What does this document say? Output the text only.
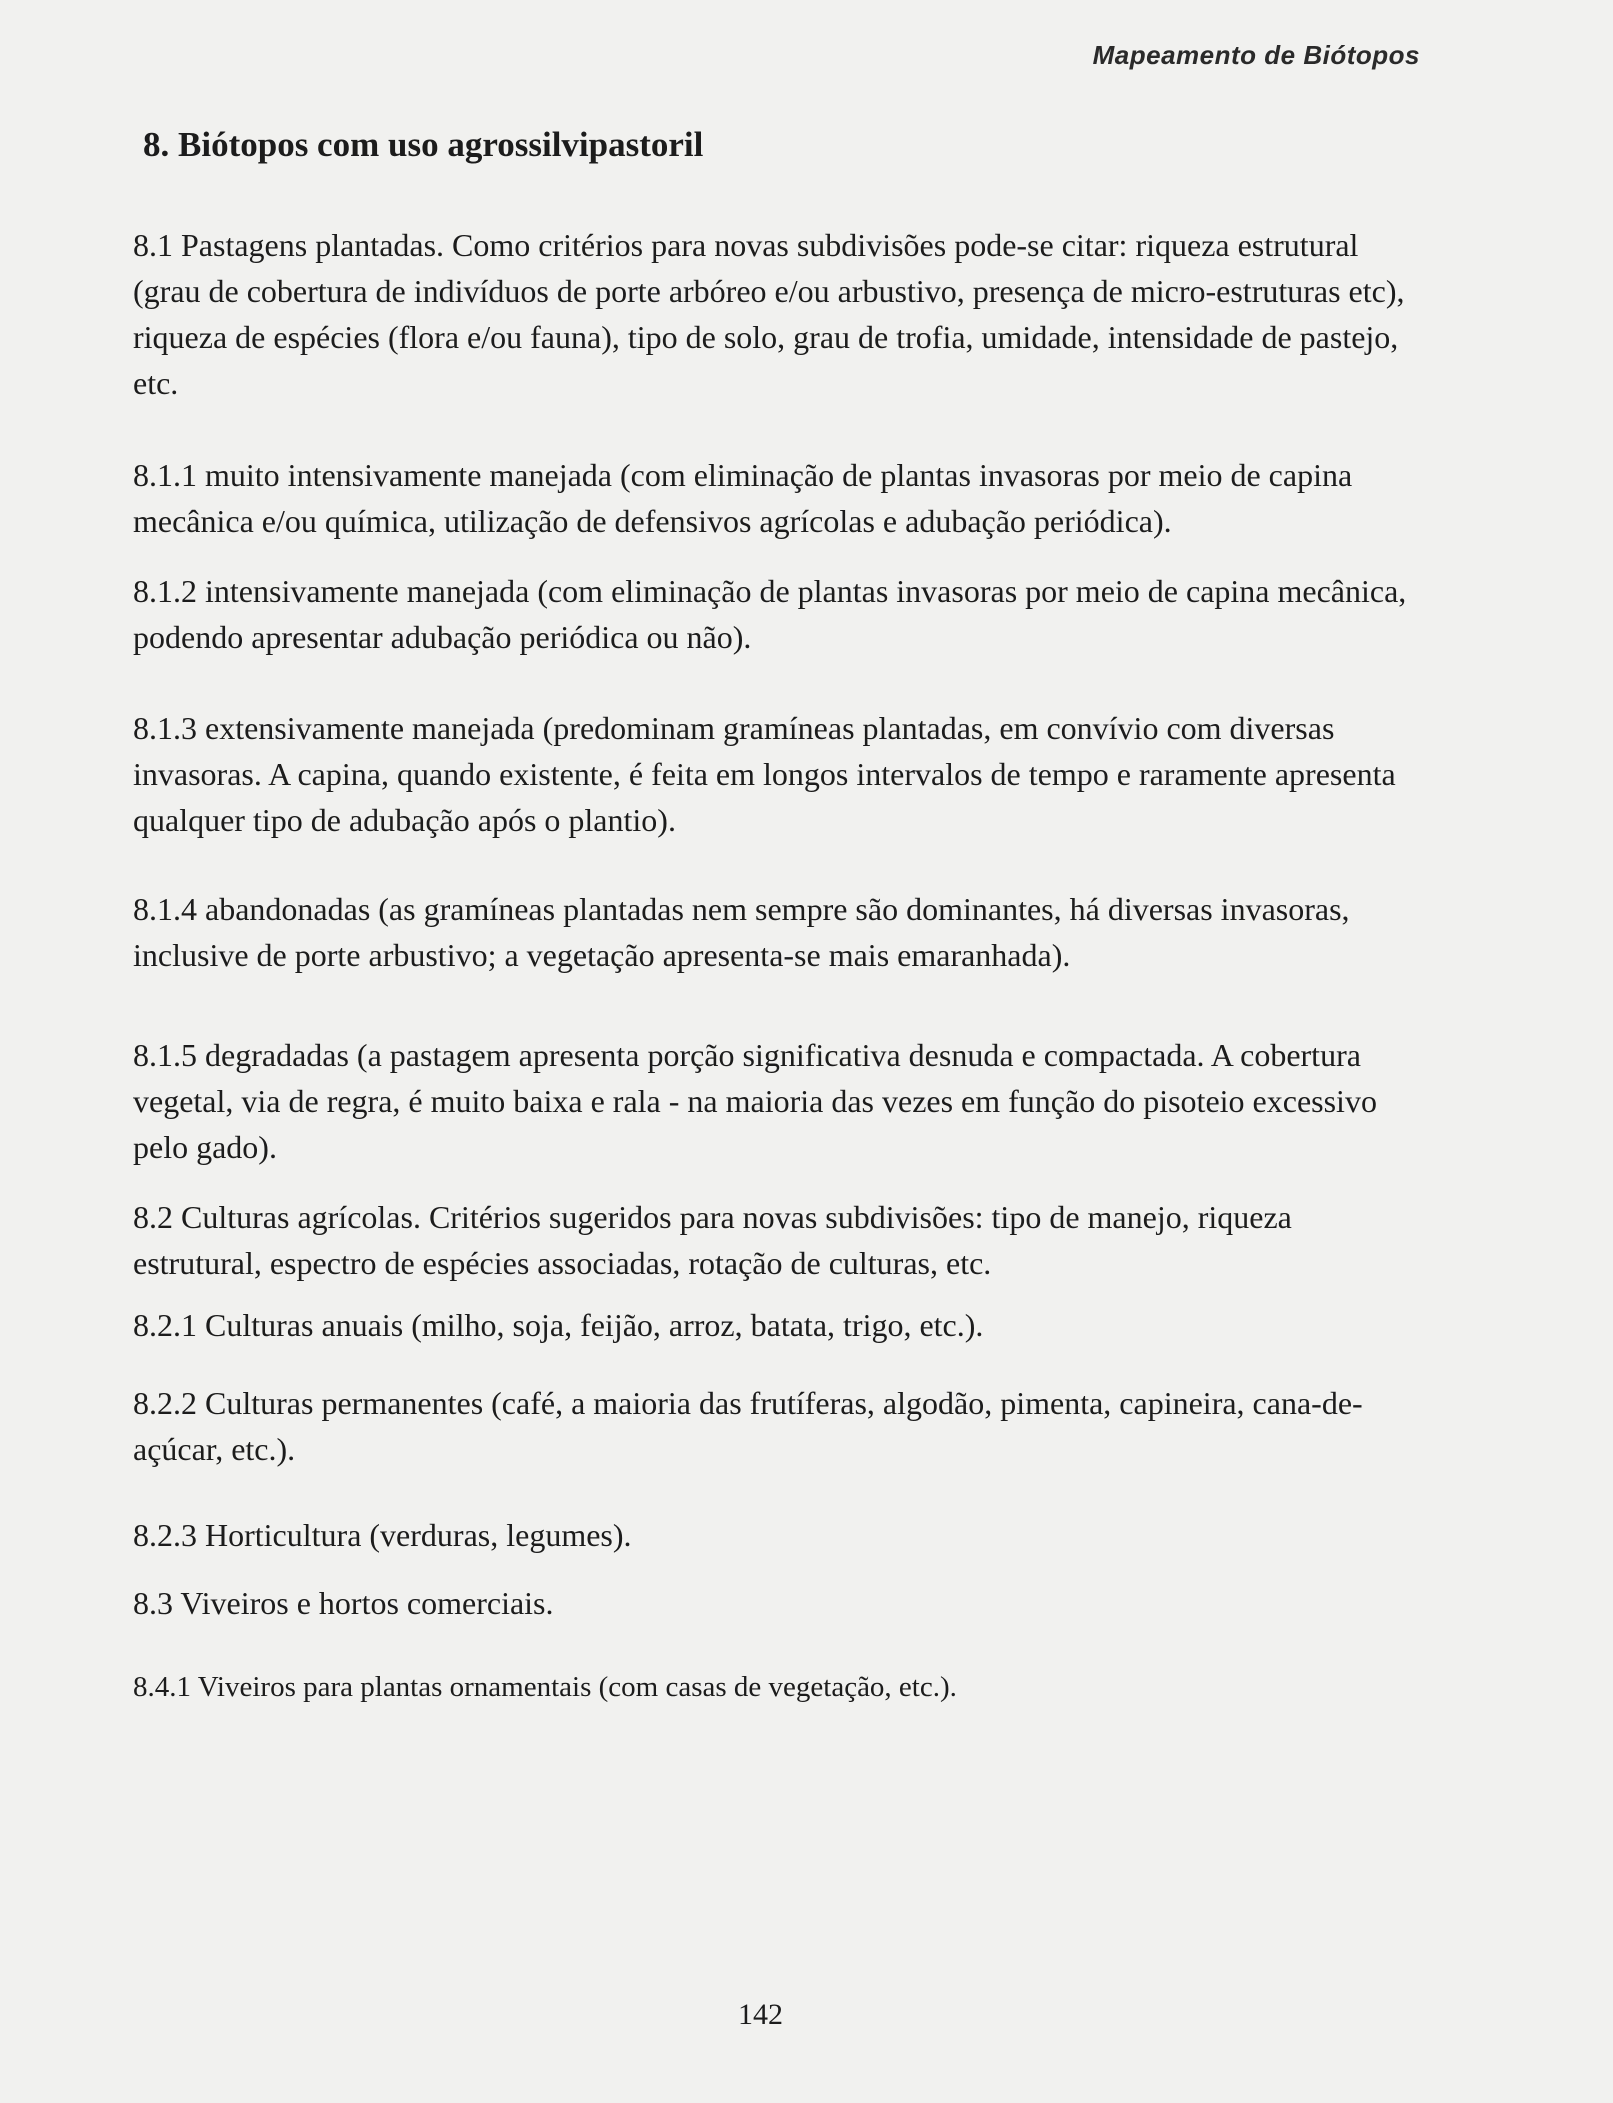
Mapeamento de Biótopos
8. Biótopos com uso agrossilvipastoril

8.1 Pastagens plantadas. Como critérios para novas subdivisões pode-se citar: riqueza estrutural (grau de cobertura de indivíduos de porte arbóreo e/ou arbustivo, presença de micro-estruturas etc), riqueza de espécies (flora e/ou fauna), tipo de solo, grau de trofia, umidade, intensidade de pastejo, etc.

8.1.1 muito intensivamente manejada (com eliminação de plantas invasoras por meio de capina mecânica e/ou química, utilização de defensivos agrícolas e adubação periódica).

8.1.2 intensivamente manejada (com eliminação de plantas invasoras por meio de capina mecânica, podendo apresentar adubação periódica ou não).

8.1.3 extensivamente manejada (predominam gramíneas plantadas, em convívio com diversas invasoras. A capina, quando existente, é feita em longos intervalos de tempo e raramente apresenta qualquer tipo de adubação após o plantio).

8.1.4 abandonadas (as gramíneas plantadas nem sempre são dominantes, há diversas invasoras, inclusive de porte arbustivo; a vegetação apresenta-se mais emaranhada).

8.1.5 degradadas (a pastagem apresenta porção significativa desnuda e compactada. A cobertura vegetal, via de regra, é muito baixa e rala - na maioria das vezes em função do pisoteio excessivo pelo gado).

8.2 Culturas agrícolas. Critérios sugeridos para novas subdivisões: tipo de manejo, riqueza estrutural, espectro de espécies associadas, rotação de culturas, etc.

8.2.1 Culturas anuais (milho, soja, feijão, arroz, batata, trigo, etc.).

8.2.2 Culturas permanentes (café, a maioria das frutíferas, algodão, pimenta, capineira, cana-de-açúcar, etc.).

8.2.3 Horticultura (verduras, legumes).

8.3 Viveiros e hortos comerciais.

8.4.1 Viveiros para plantas ornamentais (com casas de vegetação, etc.).

142
